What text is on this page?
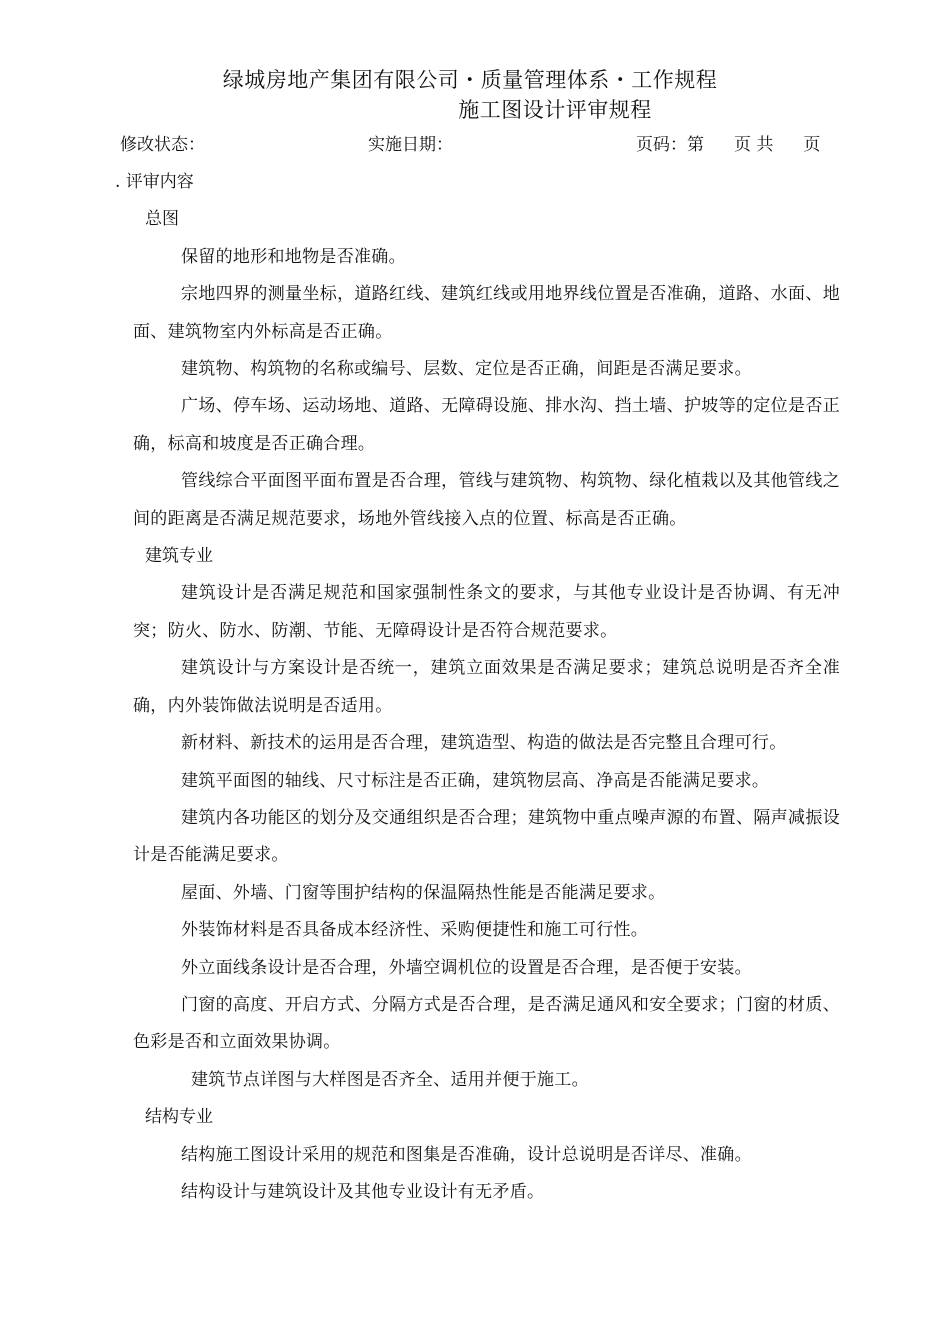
绿城房地产集团有限公司・质量管理体系・工作规程
施工图设计评审规程
修改状态：	实施日期：	页码：第 页 共 页

. 评审内容

总图

保留的地形和地物是否准确。

宗地四界的测量坐标，道路红线、建筑红线或用地界线位置是否准确，道路、水面、地面、建筑物室内外标高是否正确。

建筑物、构筑物的名称或编号、层数、定位是否正确，间距是否满足要求。

广场、停车场、运动场地、道路、无障碍设施、排水沟、挡土墙、护坡等的定位是否正确，标高和坡度是否正确合理。

管线综合平面图平面布置是否合理，管线与建筑物、构筑物、绿化植栽以及其他管线之间的距离是否满足规范要求，场地外管线接入点的位置、标高是否正确。

建筑专业

建筑设计是否满足规范和国家强制性条文的要求，与其他专业设计是否协调、有无冲突；防火、防水、防潮、节能、无障碍设计是否符合规范要求。

建筑设计与方案设计是否统一，建筑立面效果是否满足要求；建筑总说明是否齐全准确，内外装饰做法说明是否适用。

新材料、新技术的运用是否合理，建筑造型、构造的做法是否完整且合理可行。

建筑平面图的轴线、尺寸标注是否正确，建筑物层高、净高是否能满足要求。

建筑内各功能区的划分及交通组织是否合理；建筑物中重点噪声源的布置、隔声减振设计是否能满足要求。

屋面、外墙、门窗等围护结构的保温隔热性能是否能满足要求。

外装饰材料是否具备成本经济性、采购便捷性和施工可行性。

外立面线条设计是否合理，外墙空调机位的设置是否合理，是否便于安装。

门窗的高度、开启方式、分隔方式是否合理，是否满足通风和安全要求；门窗的材质、色彩是否和立面效果协调。

建筑节点详图与大样图是否齐全、适用并便于施工。

结构专业

结构施工图设计采用的规范和图集是否准确，设计总说明是否详尽、准确。

结构设计与建筑设计及其他专业设计有无矛盾。
